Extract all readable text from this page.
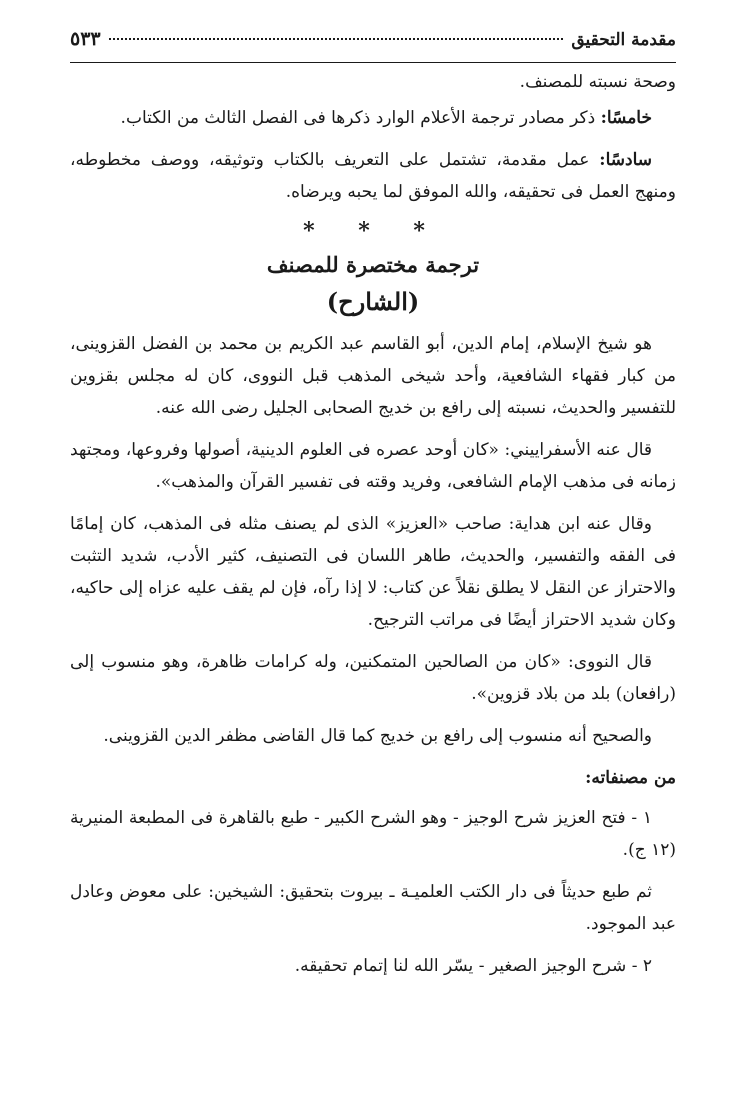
مقدمة التحقيق
٥٣٣

وصحة نسبته للمصنف.

خامسًا: ذكر مصادر ترجمة الأعلام الوارد ذكرها فى الفصل الثالث من الكتاب.

سادسًا: عمل مقدمة، تشتمل على التعريف بالكتاب وتوثيقه، ووصف مخطوطه، ومنهج العمل فى تحقيقه، والله الموفق لما يحبه ويرضاه.

* * *
ترجمة مختصرة للمصنف
(الشارح)

هو شيخ الإسلام، إمام الدين، أبو القاسم عبد الكريم بن محمد بن الفضل القزوينى، من كبار فقهاء الشافعية، وأحد شيخى المذهب قبل النووى، كان له مجلس بقزوين للتفسير والحديث، نسبته إلى رافع بن خديج الصحابى الجليل رضى الله عنه.

قال عنه الأسفراييني: «كان أوحد عصره فى العلوم الدينية، أصولها وفروعها، ومجتهد زمانه فى مذهب الإمام الشافعى، وفريد وقته فى تفسير القرآن والمذهب».

وقال عنه ابن هداية: صاحب «العزيز» الذى لم يصنف مثله فى المذهب، كان إمامًا فى الفقه والتفسير، والحديث، طاهر اللسان فى التصنيف، كثير الأدب، شديد التثبت والاحتراز عن النقل لا يطلق نقلاً عن كتاب: لا إذا رآه، فإن لم يقف عليه عزاه إلى حاكيه، وكان شديد الاحتراز أيضًا فى مراتب الترجيح.

قال النووى: «كان من الصالحين المتمكنين، وله كرامات ظاهرة، وهو منسوب إلى (رافعان) بلد من بلاد قزوين».

والصحيح أنه منسوب إلى رافع بن خديج كما قال القاضى مظفر الدين القزوينى.

من مصنفاته:

١ - فتح العزيز شرح الوجيز - وهو الشرح الكبير - طبع بالقاهرة فى المطبعة المنيرية (١٢ ج).

ثم طبع حديثاً فى دار الكتب العلميـة ـ بيروت بتحقيق: الشيخين: على معوض وعادل عبد الموجود.

٢ - شرح الوجيز الصغير - يسّر الله لنا إتمام تحقيقه.
